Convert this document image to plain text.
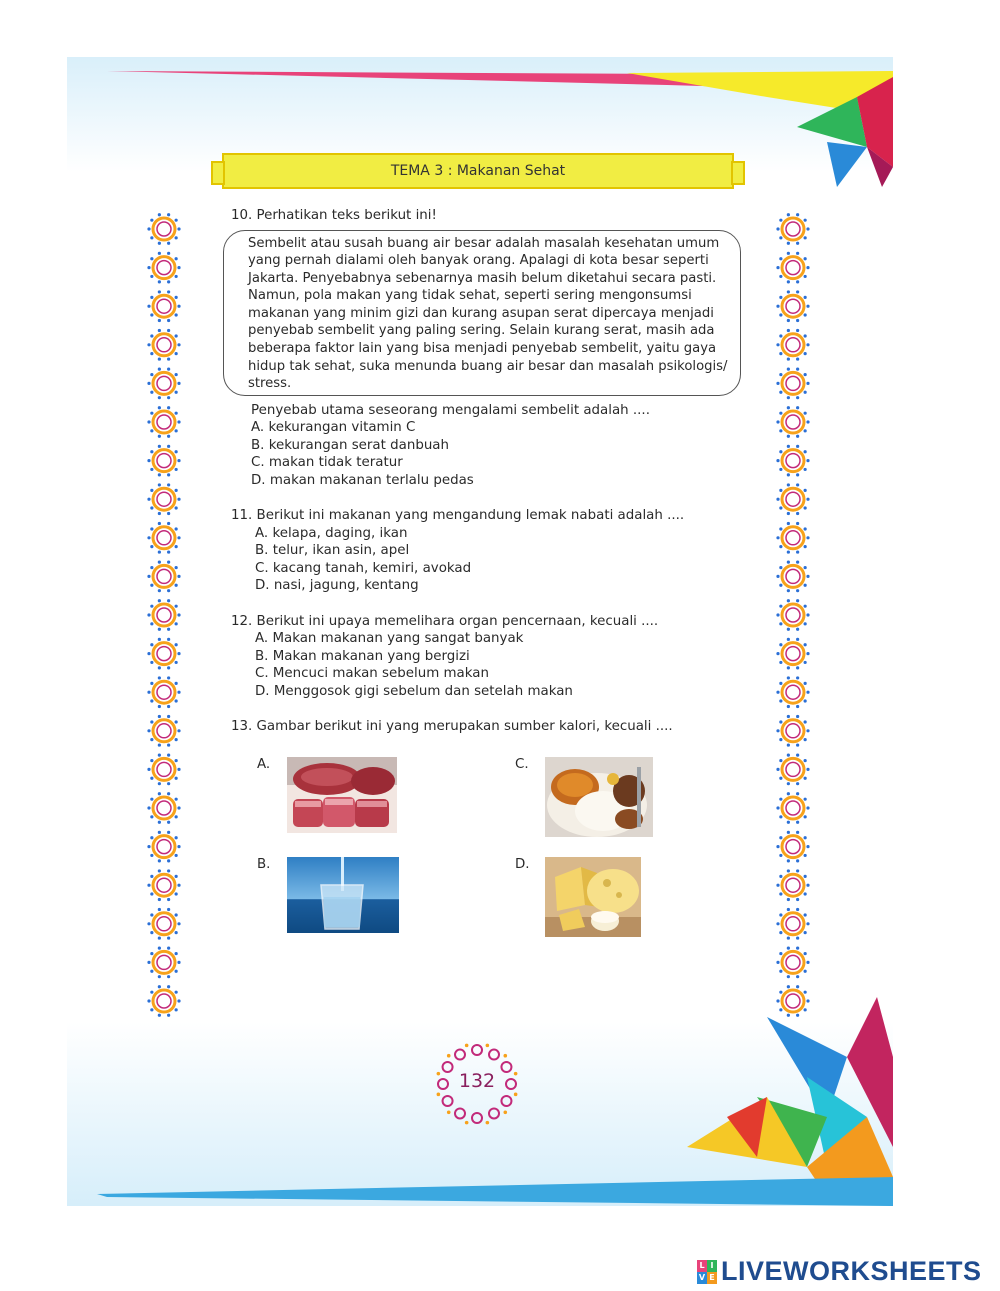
TEMA 3 : Makanan Sehat

10. Perhatikan teks berikut ini!

Sembelit atau susah buang air besar adalah masalah kesehatan umum
yang pernah dialami oleh banyak orang. Apalagi di kota besar seperti
Jakarta. Penyebabnya sebenarnya masih belum diketahui secara pasti.
Namun, pola makan yang tidak sehat, seperti sering mengonsumsi
makanan yang minim gizi dan kurang asupan serat dipercaya menjadi
penyebab sembelit yang paling sering. Selain kurang serat, masih ada
beberapa faktor lain yang bisa menjadi penyebab sembelit, yaitu gaya
hidup tak sehat, suka menunda buang air besar dan masalah psikologis/
stress.

Penyebab utama seseorang mengalami sembelit adalah ....

A. kekurangan vitamin C
B. kekurangan serat danbuah
C. makan tidak teratur
D. makan makanan terlalu pedas

11. Berikut ini makanan yang mengandung lemak nabati adalah ....

A. kelapa, daging, ikan
B. telur, ikan asin, apel
C. kacang tanah, kemiri, avokad
D. nasi, jagung, kentang

12. Berikut ini upaya memelihara organ pencernaan, kecuali ....

A. Makan makanan yang sangat banyak
B. Makan makanan yang bergizi
C. Mencuci makan sebelum makan
D. Menggosok gigi sebelum dan setelah makan

13. Gambar berikut ini yang merupakan sumber kalori, kecuali ....

A.	C.
B.	D.
132
L I
V E LIVEWORKSHEETS
